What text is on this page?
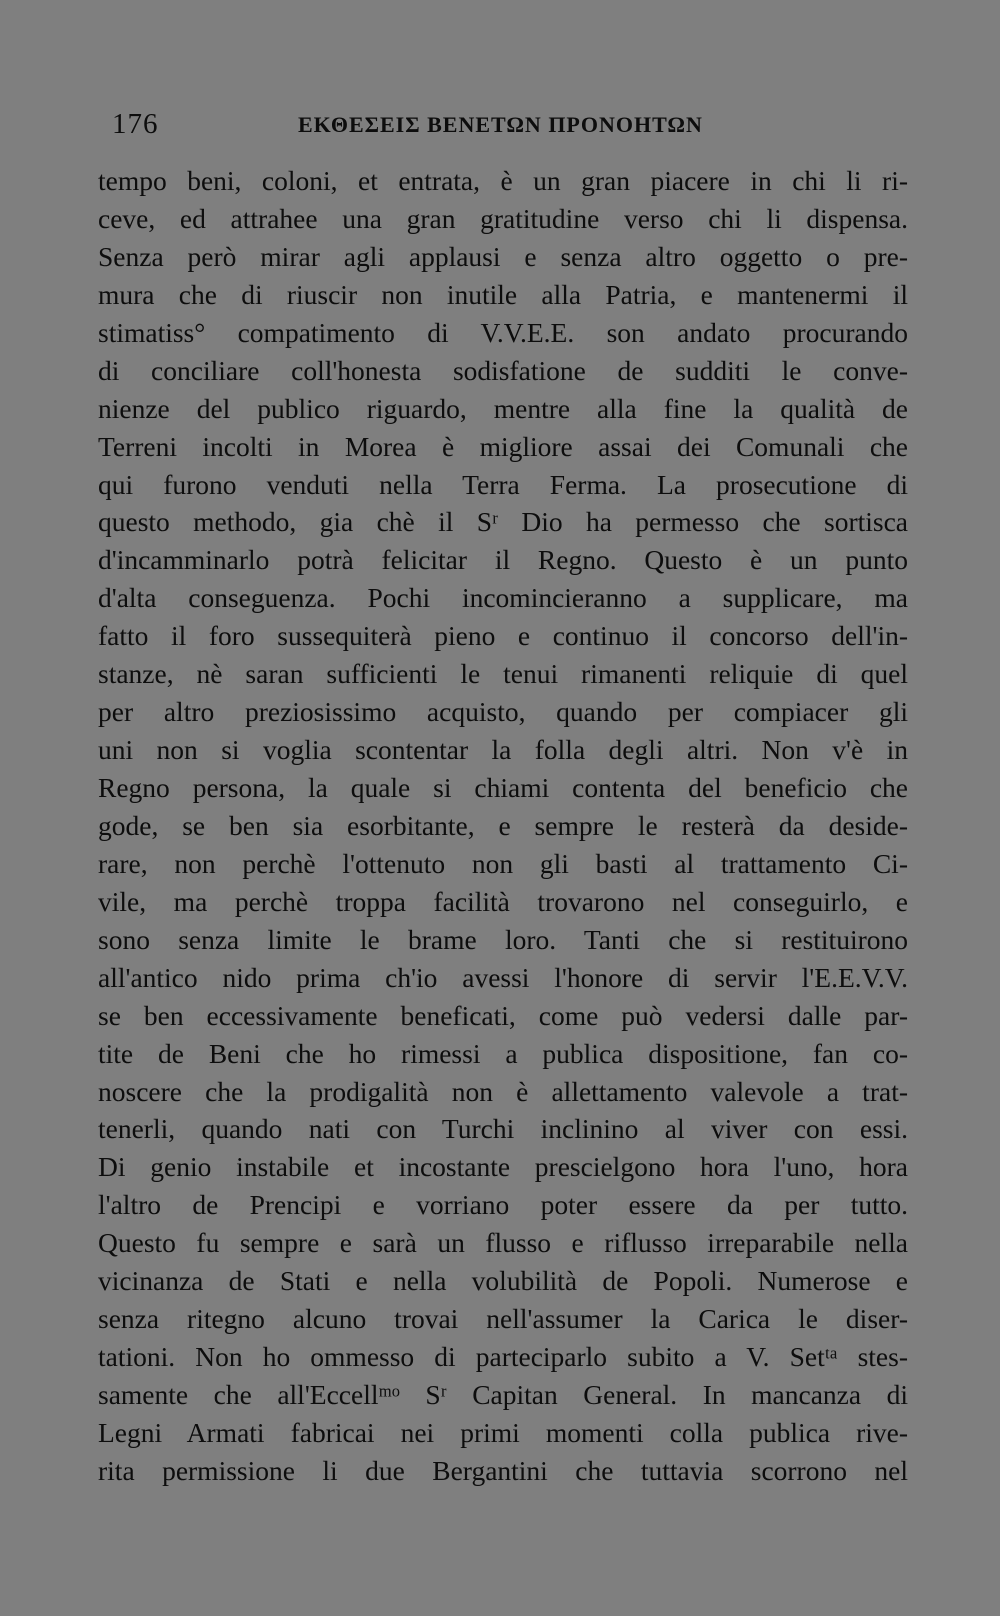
176	ΕΚΘΕΣΕΙΣ ΒΕΝΕΤΩΝ ΠΡΟΝΟΗΤΩΝ
tempo beni, coloni, et entrata, è un gran piacere in chi li ri-
ceve, ed attrahee una gran gratitudine verso chi li dispensa.
Senza però mirar agli applausi e senza altro oggetto o pre-
mura che di riuscir non inutile alla Patria, e mantenermi il
stimatiss° compatimento di V.V.E.E. son andato procurando
di conciliare coll'honesta sodisfatione de sudditi le conve-
nienze del publico riguardo, mentre alla fine la qualità de
Terreni incolti in Morea è migliore assai dei Comunali che
qui furono venduti nella Terra Ferma. La prosecutione di
questo methodo, gia chè il Sʳ Dio ha permesso che sortisca
d'incamminarlo potrà felicitar il Regno. Questo è un punto
d'alta conseguenza. Pochi incomincieranno a supplicare, ma
fatto il foro sussequiterà pieno e continuo il concorso dell'in-
stanze, nè saran sufficienti le tenui rimanenti reliquie di quel
per altro preziosissimo acquisto, quando per compiacer gli
uni non si voglia scontentar la folla degli altri. Non v'è in
Regno persona, la quale si chiami contenta del beneficio che
gode, se ben sia esorbitante, e sempre le resterà da deside-
rare, non perchè l'ottenuto non gli basti al trattamento Ci-
vile, ma perchè troppa facilità trovarono nel conseguirlo, e
sono senza limite le brame loro. Tanti che si restituirono
all'antico nido prima ch'io avessi l'honore di servir l'E.E.V.V.
se ben eccessivamente beneficati, come può vedersi dalle par-
tite de Beni che ho rimessi a publica dispositione, fan co-
noscere che la prodigalità non è allettamento valevole a trat-
tenerli, quando nati con Turchi inclinino al viver con essi.
Di genio instabile et incostante prescielgono hora l'uno, hora
l'altro de Prencipi e vorriano poter essere da per tutto.
Questo fu sempre e sarà un flusso e riflusso irreparabile nella
vicinanza de Stati e nella volubilità de Popoli. Numerose e
senza ritegno alcuno trovai nell'assumer la Carica le diser-
tationi. Non ho ommesso di parteciparlo subito a V. Setᵗᵃ stes-
samente che all'Eccellᵐᵒ Sʳ Capitan General. In mancanza di
Legni Armati fabricai nei primi momenti colla publica rive-
rita permissione li due Bergantini che tuttavia scorrono nel
